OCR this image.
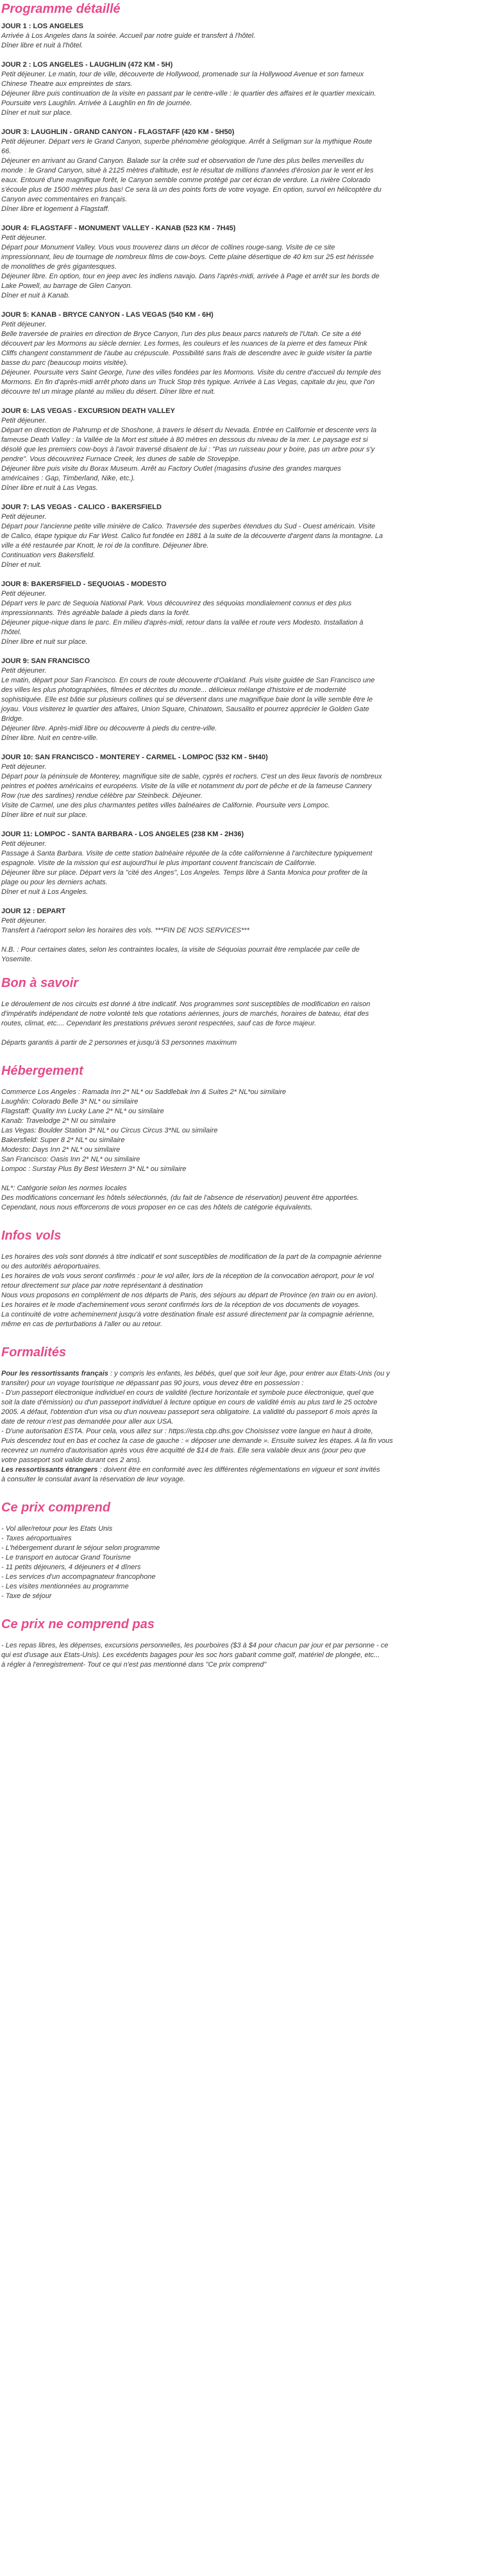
Programme détaillé
JOUR 1 : LOS ANGELES
Arrivée à Los Angeles dans la soirée. Accueil par notre guide et transfert à l'hôtel.
Dîner libre et nuit à l'hôtel.
JOUR 2 : LOS ANGELES - LAUGHLIN (472 KM - 5H)
Petit déjeuner. Le matin, tour de ville, découverte de Hollywood, promenade sur la Hollywood Avenue et son fameux
Chinese Theatre aux empreintes de stars.
Déjeuner libre puis continuation de la visite en passant par le centre-ville : le quartier des affaires et le quartier mexicain.
Poursuite vers Laughlin. Arrivée à Laughlin en fin de journée.
Dîner et nuit sur place.
JOUR 3: LAUGHLIN - GRAND CANYON - FLAGSTAFF (420 KM - 5H50)
Petit déjeuner. Départ vers le Grand Canyon, superbe phénomène géologique. Arrêt à Seligman sur la mythique Route
66.
Déjeuner en arrivant au Grand Canyon. Balade sur la crête sud et observation de l'une des plus belles merveilles du
monde : le Grand Canyon, situé à 2125 mètres d'altitude, est le résultat de millions d'années d'érosion par le vent et les
eaux. Entouré d'une magnifique forêt, le Canyon semble comme protégé par cet écran de verdure. La rivière Colorado
s'écoule plus de 1500 mètres plus bas! Ce sera là un des points forts de votre voyage. En option, survol en hélicoptère du
Canyon avec commentaires en français.
Dîner libre et logement à Flagstaff.
JOUR 4: FLAGSTAFF - MONUMENT VALLEY - KANAB (523 KM - 7H45)
Petit déjeuner.
Départ pour Monument Valley. Vous vous trouverez dans un décor de collines rouge-sang. Visite de ce site
impressionnant, lieu de tournage de nombreux films de cow-boys. Cette plaine désertique de 40 km sur 25 est hérissée
de monolithes de grès gigantesques.
Déjeuner libre. En option, tour en jeep avec les indiens navajo. Dans l'après-midi, arrivée à Page et arrêt sur les bords de
Lake Powell, au barrage de Glen Canyon.
Dîner et nuit à Kanab.
JOUR 5: KANAB - BRYCE CANYON - LAS VEGAS (540 KM - 6H)
Petit déjeuner.
Belle traversée de prairies en direction de Bryce Canyon, l'un des plus beaux parcs naturels de l'Utah. Ce site a été
découvert par les Mormons au siècle dernier. Les formes, les couleurs et les nuances de la pierre et des fameux Pink
Cliffs changent constamment de l'aube au crépuscule. Possibilité sans frais de descendre avec le guide visiter la partie
basse du parc (beaucoup moins visitée).
Déjeuner. Poursuite vers Saint George, l'une des villes fondées par les Mormons. Visite du centre d'accueil du temple des
Mormons. En fin d'après-midi arrêt photo dans un Truck Stop très typique. Arrivée à Las Vegas, capitale du jeu, que l'on
découvre tel un mirage planté au milieu du désert. Dîner libre et nuit.
JOUR 6: LAS VEGAS - EXCURSION DEATH VALLEY
Petit déjeuner.
Départ en direction de Pahrump et de Shoshone, à travers le désert du Nevada. Entrée en Californie et descente vers la
fameuse Death Valley : la Vallée de la Mort est située à 80 mètres en dessous du niveau de la mer. Le paysage est si
désolé que les premiers cow-boys à l'avoir traversé disaient de lui : "Pas un ruisseau pour y boire, pas un arbre pour s'y
pendre". Vous découvrirez Furnace Creek, les dunes de sable de Stovepipe.
Déjeuner libre puis visite du Borax Museum. Arrêt au Factory Outlet (magasins d'usine des grandes marques
américaines : Gap, Timberland, Nike, etc.).
Dîner libre et nuit à Las Vegas.
JOUR 7: LAS VEGAS - CALICO - BAKERSFIELD
Petit déjeuner.
Départ pour l'ancienne petite ville minière de Calico. Traversée des superbes étendues du Sud - Ouest américain. Visite
de Calico, étape typique du Far West. Calico fut fondée en 1881 à la suite de la découverte d'argent dans la montagne. La
ville a été restaurée par Knott, le roi de la confiture. Déjeuner libre.
Continuation vers Bakersfield.
Dîner et nuit.
JOUR 8: BAKERSFIELD - SEQUOIAS - MODESTO
Petit déjeuner.
Départ vers le parc de Sequoia National Park. Vous découvrirez des séquoias mondialement connus et des plus
impressionnants. Très agréable balade à pieds dans la forêt.
Déjeuner pique-nique dans le parc. En milieu d'après-midi, retour dans la vallée et route vers Modesto. Installation à
l'hôtel.
Dîner libre et nuit sur place.
JOUR 9: SAN FRANCISCO
Petit déjeuner.
Le matin, départ pour San Francisco. En cours de route découverte d'Oakland. Puis visite guidée de San Francisco une
des villes les plus photographiées, filmées et décrites du monde... délicieux mélange d'histoire et de modernité
sophistiquée. Elle est bâtie sur plusieurs collines qui se déversent dans une magnifique baie dont la ville semble être le
joyau. Vous visiterez le quartier des affaires, Union Square, Chinatown, Sausalito et pourrez apprécier le Golden Gate
Bridge.
Déjeuner libre. Après-midi libre ou découverte à pieds du centre-ville.
Dîner libre. Nuit en centre-ville.
JOUR 10: SAN FRANCISCO - MONTEREY - CARMEL - LOMPOC (532 KM - 5H40)
Petit déjeuner.
Départ pour la péninsule de Monterey, magnifique site de sable, cyprès et rochers. C'est un des lieux favoris de nombreux
peintres et poètes américains et européens. Visite de la ville et notamment du port de pêche et de la fameuse Cannery
Row (rue des sardines) rendue célèbre par Steinbeck. Déjeuner.
Visite de Carmel, une des plus charmantes petites villes balnéaires de Californie. Poursuite vers Lompoc.
Dîner libre et nuit sur place.
JOUR 11: LOMPOC - SANTA BARBARA - LOS ANGELES (238 KM - 2H36)
Petit déjeuner.
Passage à Santa Barbara. Visite de cette station balnéaire réputée de la côte californienne à l'architecture typiquement
espagnole. Visite de la mission qui est aujourd'hui le plus important couvent franciscain de Californie.
Déjeuner libre sur place. Départ vers la "cité des Anges", Los Angeles. Temps libre à Santa Monica pour profiter de la
plage ou pour les derniers achats.
Dîner et nuit à Los Angeles.
JOUR 12 : DEPART
Petit déjeuner.
Transfert à l'aéroport selon les horaires des vols. ***FIN DE NOS SERVICES***
N.B. : Pour certaines dates, selon les contraintes locales, la visite de Séquoias pourrait être remplacée par celle de
Yosemite.
Bon à savoir
Le déroulement de nos circuits est donné à titre indicatif. Nos programmes sont susceptibles de modification en raison
d'impératifs indépendant de notre volonté tels que rotations aériennes, jours de marchés, horaires de bateau, état des
routes, climat, etc.... Cependant les prestations prévues seront respectées, sauf cas de force majeur.
Départs garantis à partir de 2 personnes et jusqu'à 53 personnes maximum
Hébergement
Commerce Los Angeles : Ramada Inn 2* NL* ou Saddlebak Inn & Suites 2* NL*ou similaire
Laughlin: Colorado Belle 3* NL* ou similaire
Flagstaff: Quality Inn Lucky Lane 2* NL* ou similaire
Kanab: Travelodge 2* NI ou similaire
Las Vegas: Boulder Station 3* NL* ou Circus Circus 3*NL ou similaire
Bakersfield: Super 8 2* NL* ou similaire
Modesto: Days Inn 2* NL* ou similaire
San Francisco: Oasis Inn 2* NL* ou similaire
Lompoc : Surstay Plus By Best Western 3* NL* ou similaire
NL*: Catégorie selon les normes locales
Des modifications concernant les hôtels sélectionnés, (du fait de l'absence de réservation) peuvent être apportées.
Cependant, nous nous efforcerons de vous proposer en ce cas des hôtels de catégorie équivalents.
Infos vols
Les horaires des vols sont donnés à titre indicatif et sont susceptibles de modification de la part de la compagnie aérienne
ou des autorités aéroportuaires.
Les horaires de vols vous seront confirmés : pour le vol aller, lors de la réception de la convocation aéroport, pour le vol
retour directement sur place par notre représentant à destination
Nous vous proposons en complément de nos départs de Paris, des séjours au départ de Province (en train ou en avion).
Les horaires et le mode d'acheminement vous seront confirmés lors de la réception de vos documents de voyages.
La continuité de votre acheminement jusqu'à votre destination finale est assuré directement par la compagnie aérienne,
même en cas de perturbations à l'aller ou au retour.
Formalités
Pour les ressortissants français : y compris les enfants, les bébés, quel que soit leur âge, pour entrer aux Etats-Unis (ou y
transiter) pour un voyage touristique ne dépassant pas 90 jours, vous devez être en possession :
- D'un passeport électronique individuel en cours de validité (lecture horizontale et symbole puce électronique, quel que
soit la date d'émission) ou d'un passeport individuel à lecture optique en cours de validité émis au plus tard le 25 octobre
2005. A défaut, l'obtention d'un visa ou d'un nouveau passeport sera obligatoire. La validité du passeport 6 mois après la
date de retour n'est pas demandée pour aller aux USA.
- D'une autorisation ESTA. Pour cela, vous allez sur : https://esta.cbp.dhs.gov Choisissez votre langue en haut à droite,
Puis descendez tout en bas et cochez la case de gauche : « déposer une demande ». Ensuite suivez les étapes. A la fin vous
recevrez un numéro d'autorisation après vous être acquitté de $14 de frais. Elle sera valable deux ans (pour peu que
votre passeport soit valide durant ces 2 ans).
Les ressortissants étrangers : doivent être en conformité avec les différentes réglementations en vigueur et sont invités
à consulter le consulat avant la réservation de leur voyage.
Ce prix comprend
- Vol aller/retour pour les Etats Unis
- Taxes aéroportuaires
- L'hébergement durant le séjour selon programme
- Le transport en autocar Grand Tourisme
- 11 petits déjeuners, 4 déjeuners et 4 dîners
- Les services d'un accompagnateur francophone
- Les visites mentionnées au programme
- Taxe de séjour
Ce prix ne comprend pas
- Les repas libres, les dépenses, excursions personnelles, les pourboires ($3 à $4 pour chacun par jour et par personne - ce
qui est d'usage aux Etats-Unis). Les excédents bagages pour les soc hors gabarit comme golf, matériel de plongée, etc...
à régler à l'enregistrement- Tout ce qui n'est pas mentionné dans "Ce prix comprend"
